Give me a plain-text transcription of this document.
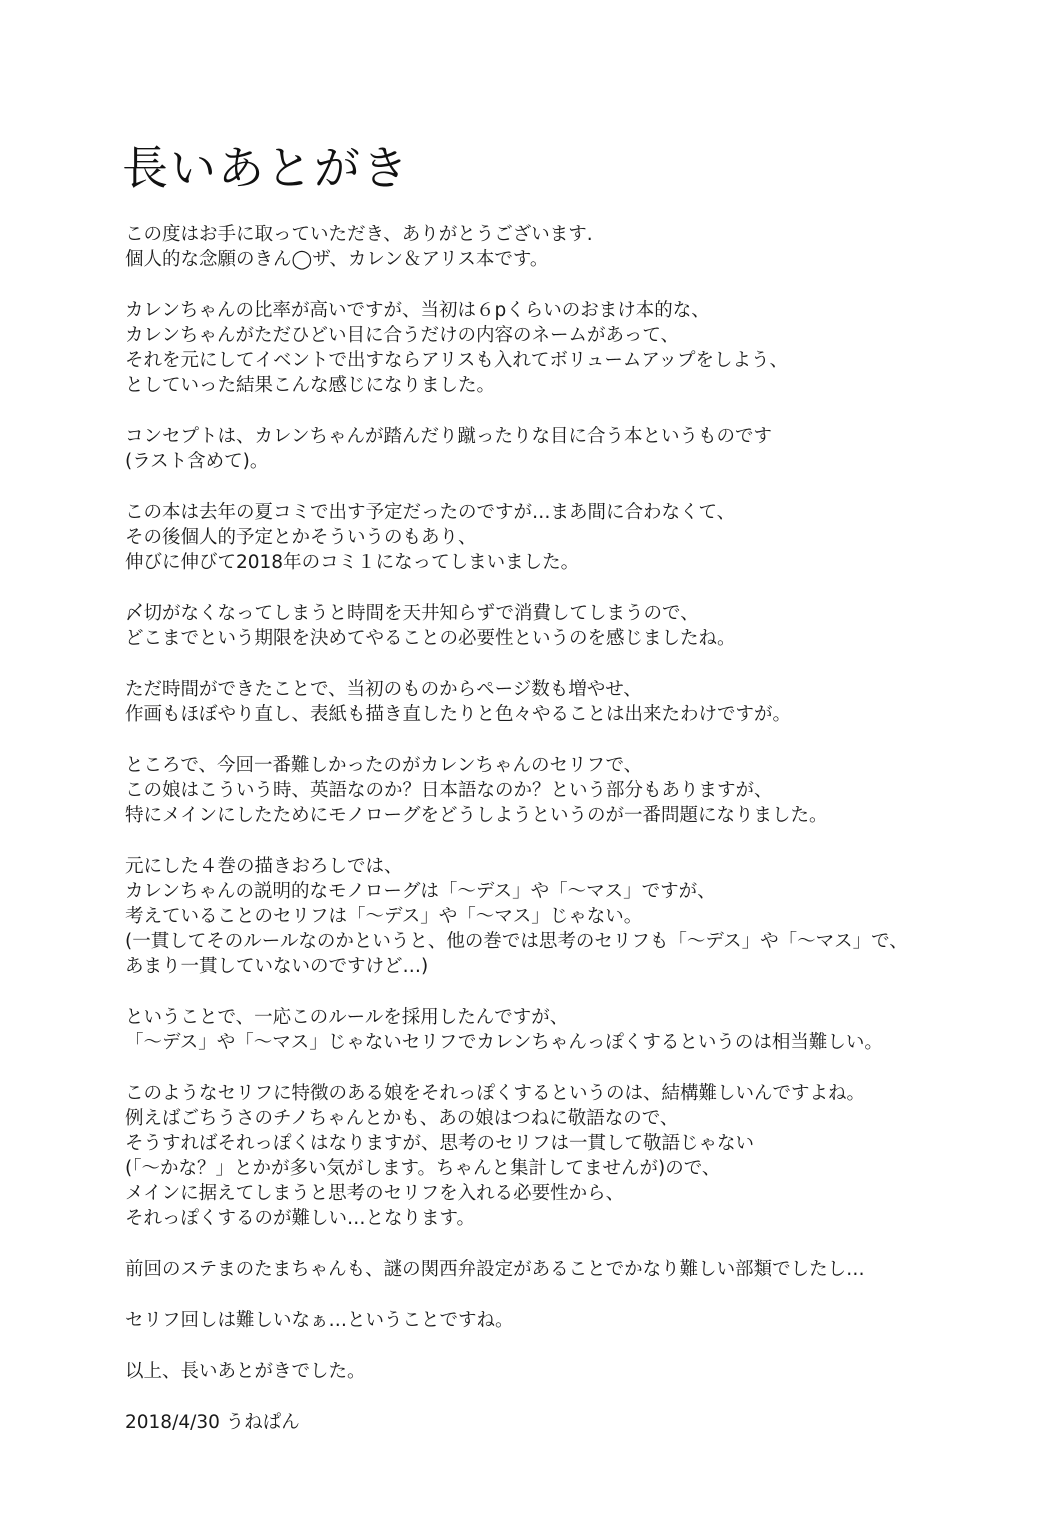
長いあとがき
この度はお手に取っていただき、ありがとうございます.
個人的な念願のきん◯ザ、カレン＆アリス本です。
カレンちゃんの比率が高いですが、当初は６pくらいのおまけ本的な、
カレンちゃんがただひどい目に合うだけの内容のネームがあって、
それを元にしてイベントで出すならアリスも入れてボリュームアップをしよう、
としていった結果こんな感じになりました。
コンセプトは、カレンちゃんが踏んだり蹴ったりな目に合う本というものです
(ラスト含めて)。
この本は去年の夏コミで出す予定だったのですが…まあ間に合わなくて、
その後個人的予定とかそういうのもあり、
伸びに伸びて2018年のコミ１になってしまいました。
〆切がなくなってしまうと時間を天井知らずで消費してしまうので、
どこまでという期限を決めてやることの必要性というのを感じましたね。
ただ時間ができたことで、当初のものからページ数も増やせ、
作画もほぼやり直し、表紙も描き直したりと色々やることは出来たわけですが。
ところで、今回一番難しかったのがカレンちゃんのセリフで、
この娘はこういう時、英語なのか？日本語なのか？という部分もありますが、
特にメインにしたためにモノローグをどうしようというのが一番問題になりました。
元にした４巻の描きおろしでは、
カレンちゃんの説明的なモノローグは「～デス」や「～マス」ですが、
考えていることのセリフは「～デス」や「～マス」じゃない。
(一貫してそのルールなのかというと、他の巻では思考のセリフも「～デス」や「～マス」で、
あまり一貫していないのですけど…)
ということで、一応このルールを採用したんですが、
「～デス」や「～マス」じゃないセリフでカレンちゃんっぽくするというのは相当難しい。
このようなセリフに特徴のある娘をそれっぽくするというのは、結構難しいんですよね。
例えばごちうさのチノちゃんとかも、あの娘はつねに敬語なので、
そうすればそれっぽくはなりますが、思考のセリフは一貫して敬語じゃない
(「～かな？」とかが多い気がします。ちゃんと集計してませんが)ので、
メインに据えてしまうと思考のセリフを入れる必要性から、
それっぽくするのが難しい…となります。
前回のステまのたまちゃんも、謎の関西弁設定があることでかなり難しい部類でしたし…
セリフ回しは難しいなぁ…ということですね。
以上、長いあとがきでした。
2018/4/30 うねぱん
